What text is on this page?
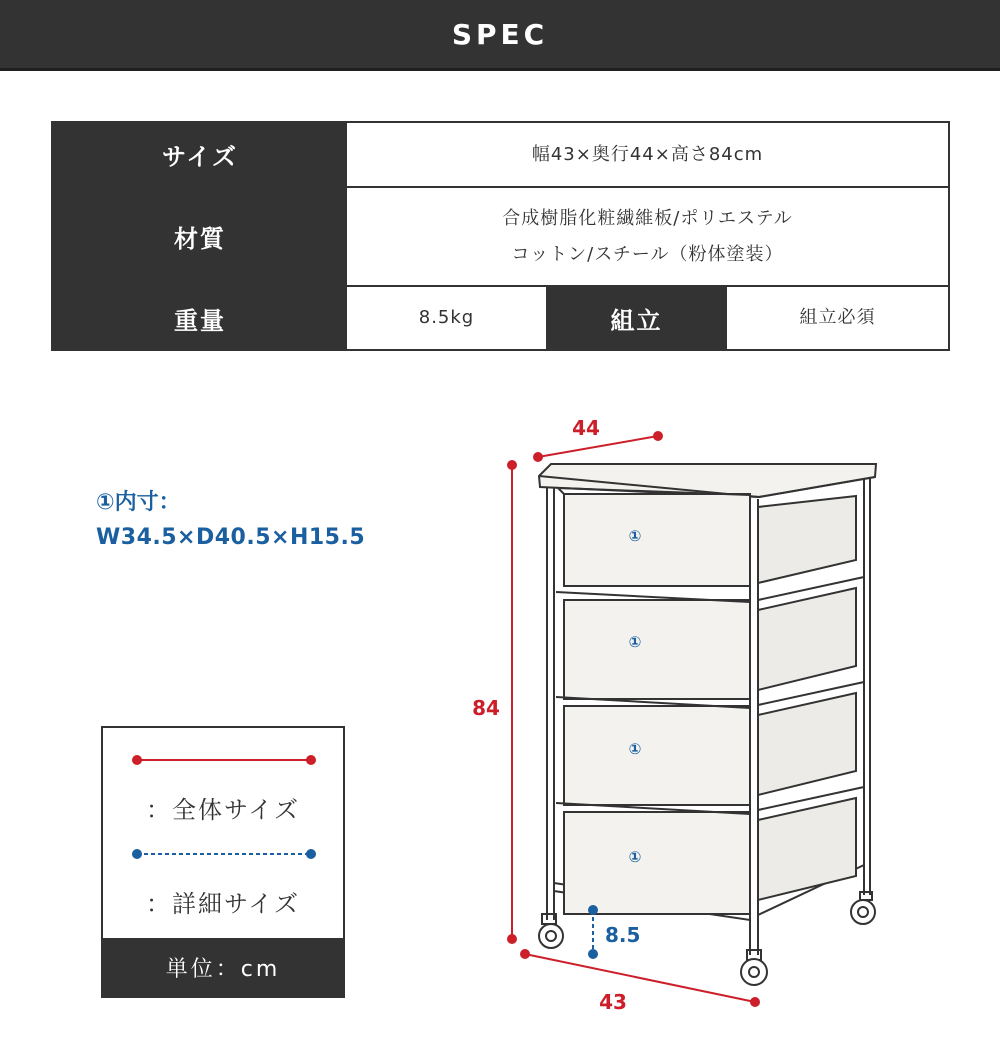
SPEC
サイズ	幅43×奥行44×高さ84cm
材質
合成樹脂化粧繊維板/ポリエステル
コットン/スチール（粉体塗装）
重量	8.5kg	組立	組立必須
①内寸：
W34.5×D40.5×H15.5
：全体サイズ
：詳細サイズ
単位：cm
①
①
①
①
44
84
43
8.5
